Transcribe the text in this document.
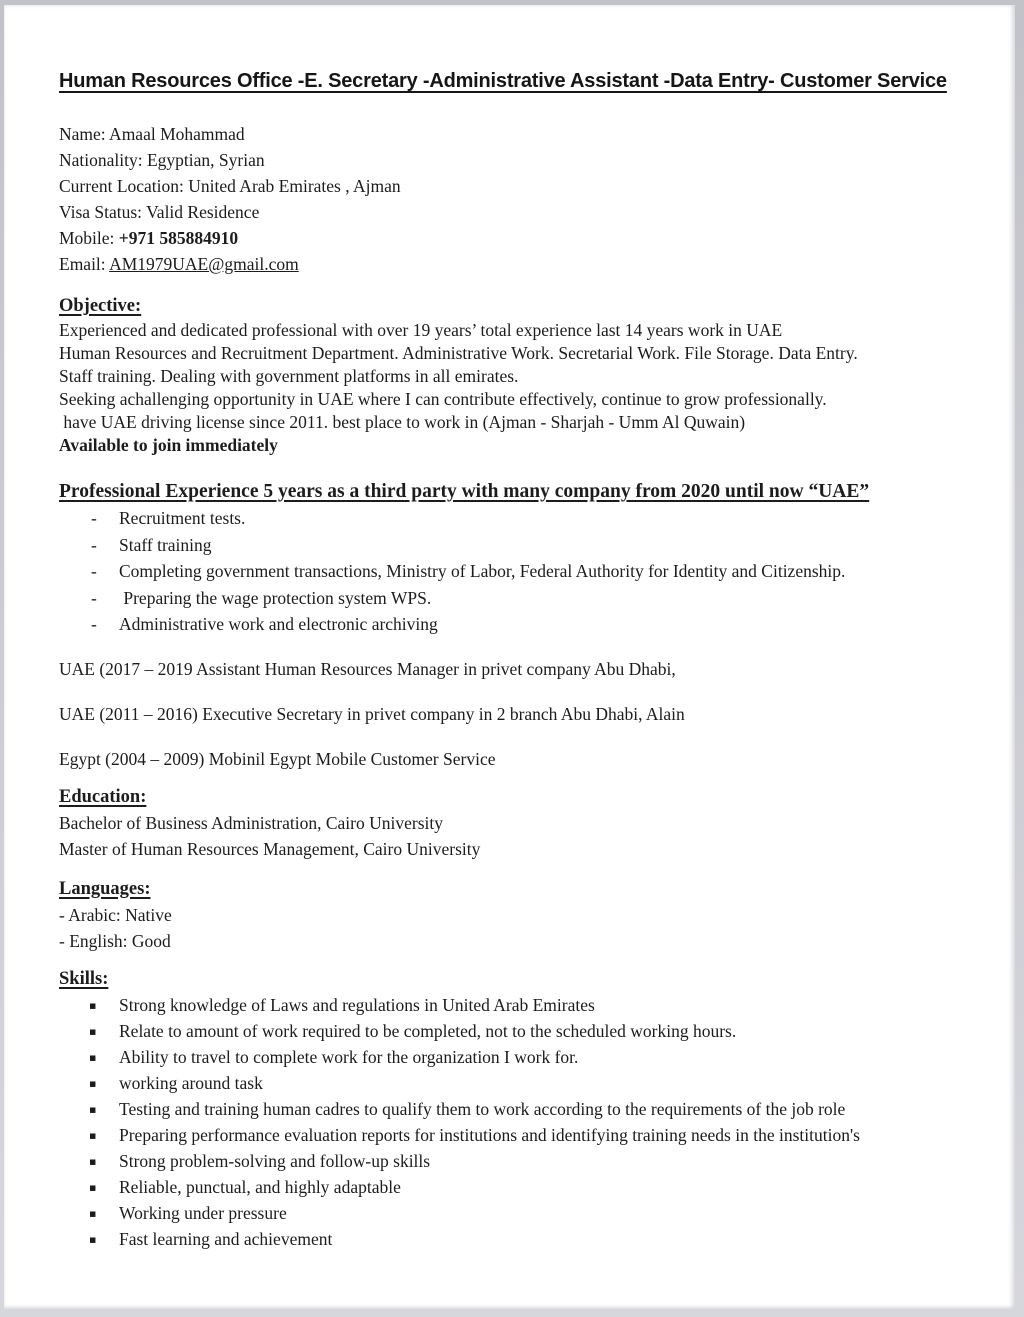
Human Resources Office -E. Secretary -Administrative Assistant -Data Entry- Customer Service
Name: Amaal Mohammad
Nationality: Egyptian, Syrian
Current Location: United Arab Emirates , Ajman
Visa Status: Valid Residence
Mobile: +971 585884910
Email: AM1979UAE@gmail.com
Objective:
Experienced and dedicated professional with over 19 years’ total experience last 14 years work in UAE
Human Resources and Recruitment Department. Administrative Work. Secretarial Work. File Storage. Data Entry.
Staff training. Dealing with government platforms in all emirates.
Seeking achallenging opportunity in UAE where I can contribute effectively, continue to grow professionally.
have UAE driving license since 2011. best place to work in (Ajman - Sharjah - Umm Al Quwain)
Available to join immediately
Professional Experience 5 years as a third party with many company from 2020 until now “UAE”
- Recruitment tests.
- Staff training
- Completing government transactions, Ministry of Labor, Federal Authority for Identity and Citizenship.
-  Preparing the wage protection system WPS.
- Administrative work and electronic archiving
UAE (2017 – 2019 Assistant Human Resources Manager in privet company Abu Dhabi,
UAE (2011 – 2016) Executive Secretary in privet company in 2 branch Abu Dhabi, Alain
Egypt (2004 – 2009) Mobinil Egypt Mobile Customer Service
Education:
Bachelor of Business Administration, Cairo University
Master of Human Resources Management, Cairo University
Languages:
- Arabic: Native
- English: Good
Skills:
▪ Strong knowledge of Laws and regulations in United Arab Emirates
▪ Relate to amount of work required to be completed, not to the scheduled working hours.
▪ Ability to travel to complete work for the organization I work for.
▪ working around task
▪ Testing and training human cadres to qualify them to work according to the requirements of the job role
▪ Preparing performance evaluation reports for institutions and identifying training needs in the institution's
▪ Strong problem-solving and follow-up skills
▪ Reliable, punctual, and highly adaptable
▪ Working under pressure
▪ Fast learning and achievement
